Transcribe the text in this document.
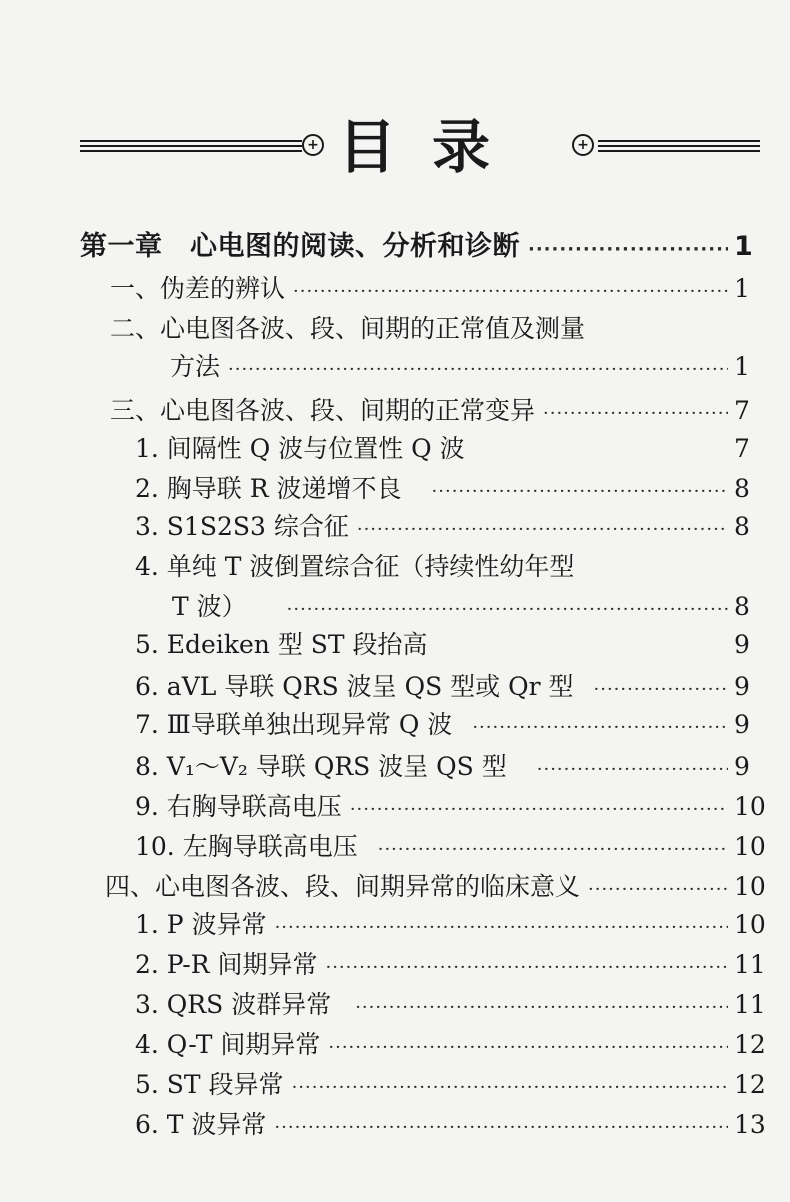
+ 目录	+
第一章　心电图的阅读、分析和诊断 ·····	1
一、伪差的辨认 ·····	1
二、心电图各波、段、间期的正常值及测量
方法 ·····	1
三、心电图各波、段、间期的正常变异 ·····	7
1. 间隔性 Q 波与位置性 Q 波	7
2. 胸导联 R 波递增不良 ·····	8
3. S1S2S3 综合征 ·····	8
4. 单纯 T 波倒置综合征（持续性幼年型
T 波） ·····	8
5. Edeiken 型 ST 段抬高	9
6. aVL 导联 QRS 波呈 QS 型或 Qr 型 ·····	9
7. Ⅲ导联单独出现异常 Q 波 ·····	9
8. V₁～V₂ 导联 QRS 波呈 QS 型 ·····	9
9. 右胸导联高电压 ·····	10
10. 左胸导联高电压 ·····	10
四、心电图各波、段、间期异常的临床意义 ·····	10
1. P 波异常 ·····	10
2. P-R 间期异常 ·····	11
3. QRS 波群异常 ·····	11
4. Q-T 间期异常 ·····	12
5. ST 段异常 ·····	12
6. T 波异常 ·····	13
